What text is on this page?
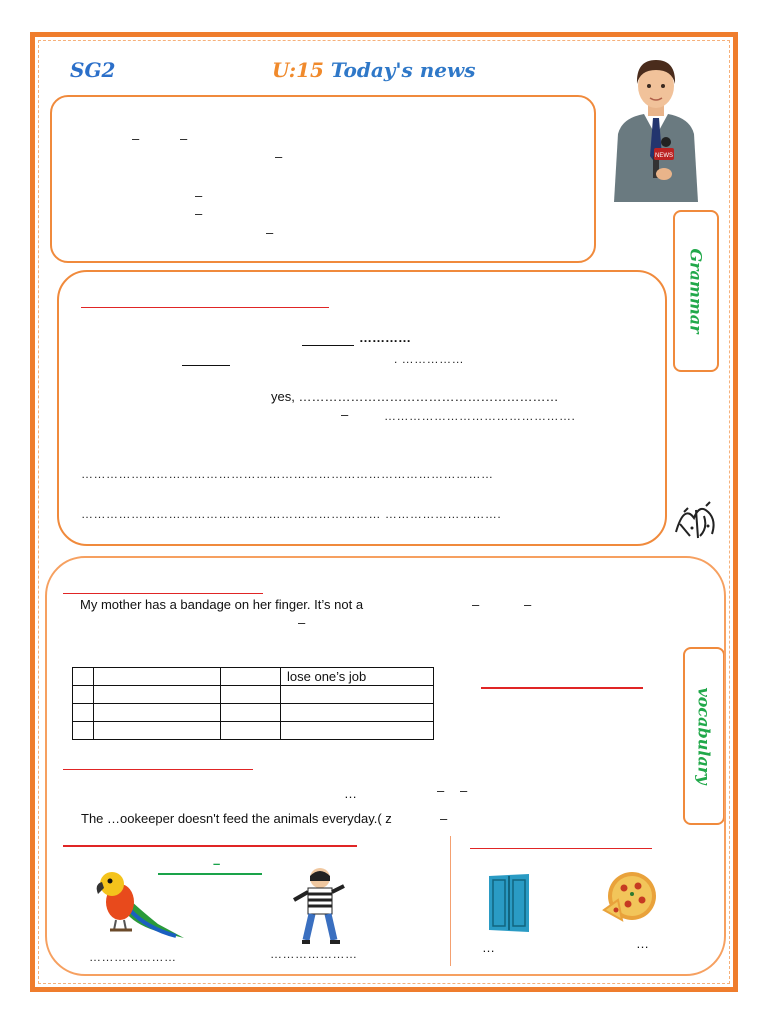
SG2	U:15 Today's news
NEWS
–	–
–
–
–
–
Grammar
…………
. ……………
yes, ……………………………………………………
–	……………………………………….
………………………………………………………………………………………
……………………………………………………………… ……………………….
vocabulary
My mother has a bandage on her finger. It’s not a	–	–
–
			lose one’s job

…	– –
The …ookeeper doesn't feed the animals everyday.( z	–
–
…………………	…………………	…	…
